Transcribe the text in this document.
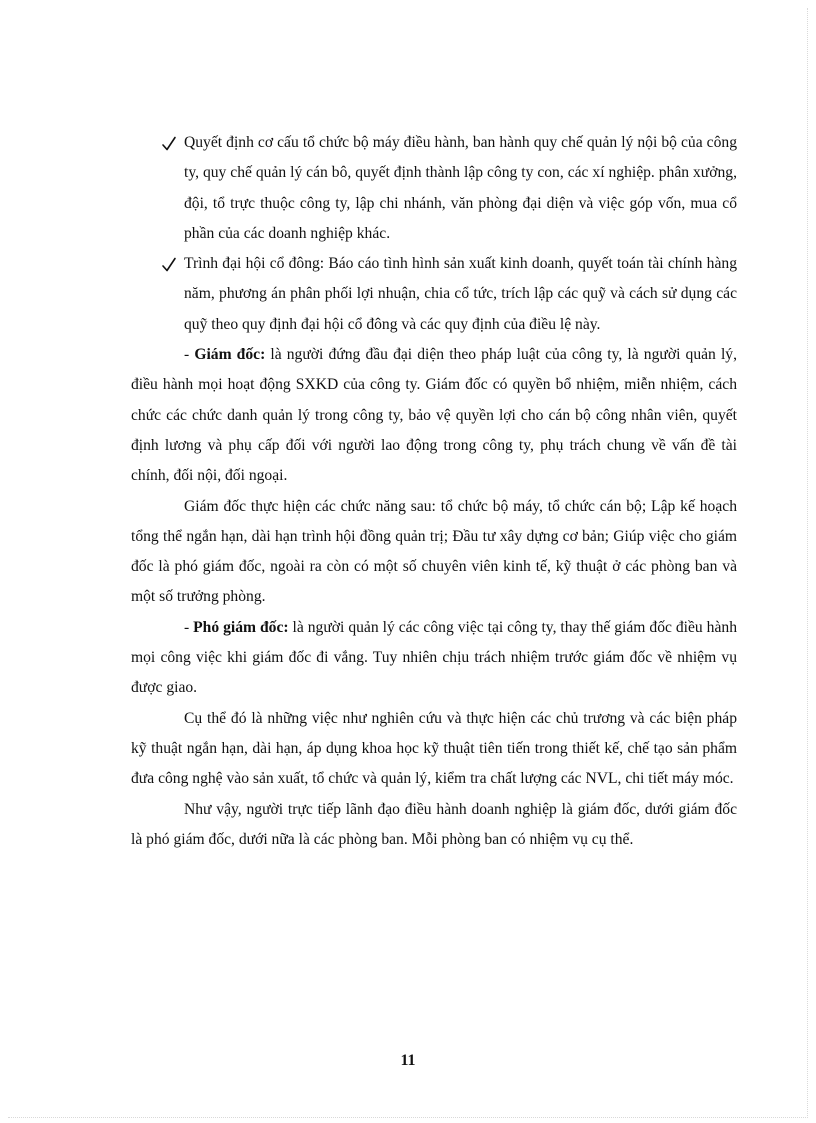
Quyết định cơ cấu tổ chức bộ máy điều hành, ban hành quy chế quản lý nội bộ của công ty, quy chế quản lý cán bô, quyết định thành lập công ty con, các xí nghiệp. phân xưởng, đội, tổ trực thuộc công ty, lập chi nhánh, văn phòng đại diện và việc góp vốn, mua cổ phần của các doanh nghiệp khác.
Trình đại hội cổ đông: Báo cáo tình hình sản xuất kinh doanh, quyết toán tài chính hàng năm, phương án phân phối lợi nhuận, chia cổ tức, trích lập các quỹ và cách sử dụng các quỹ theo quy định đại hội cổ đông và các quy định của điều lệ này.

- Giám đốc: là người đứng đầu đại diện theo pháp luật của công ty, là người quản lý, điều hành mọi hoạt động SXKD của công ty. Giám đốc có quyền bổ nhiệm, miễn nhiệm, cách chức các chức danh quản lý trong công ty, bảo vệ quyền lợi cho cán bộ công nhân viên, quyết định lương và phụ cấp đối với người lao động trong công ty, phụ trách chung về vấn đề tài chính, đối nội, đối ngoại.

Giám đốc thực hiện các chức năng sau: tổ chức bộ máy, tổ chức cán bộ; Lập kế hoạch tổng thể ngắn hạn, dài hạn trình hội đồng quản trị; Đầu tư xây dựng cơ bản; Giúp việc cho giám đốc là phó giám đốc, ngoài ra còn có một số chuyên viên kinh tế, kỹ thuật ở các phòng ban và một số trưởng phòng.

- Phó giám đốc: là người quản lý các công việc tại công ty, thay thế giám đốc điều hành mọi công việc khi giám đốc đi vắng. Tuy nhiên chịu trách nhiệm trước giám đốc về nhiệm vụ được giao.

Cụ thể đó là những việc như nghiên cứu và thực hiện các chủ trương và các biện pháp kỹ thuật ngắn hạn, dài hạn, áp dụng khoa học kỹ thuật tiên tiến trong thiết kế, chế tạo sản phẩm đưa công nghệ vào sản xuất, tổ chức và quản lý, kiểm tra chất lượng các NVL, chi tiết máy móc.

Như vậy, người trực tiếp lãnh đạo điều hành doanh nghiệp là giám đốc, dưới giám đốc là phó giám đốc, dưới nữa là các phòng ban. Mỗi phòng ban có nhiệm vụ cụ thể.

11
